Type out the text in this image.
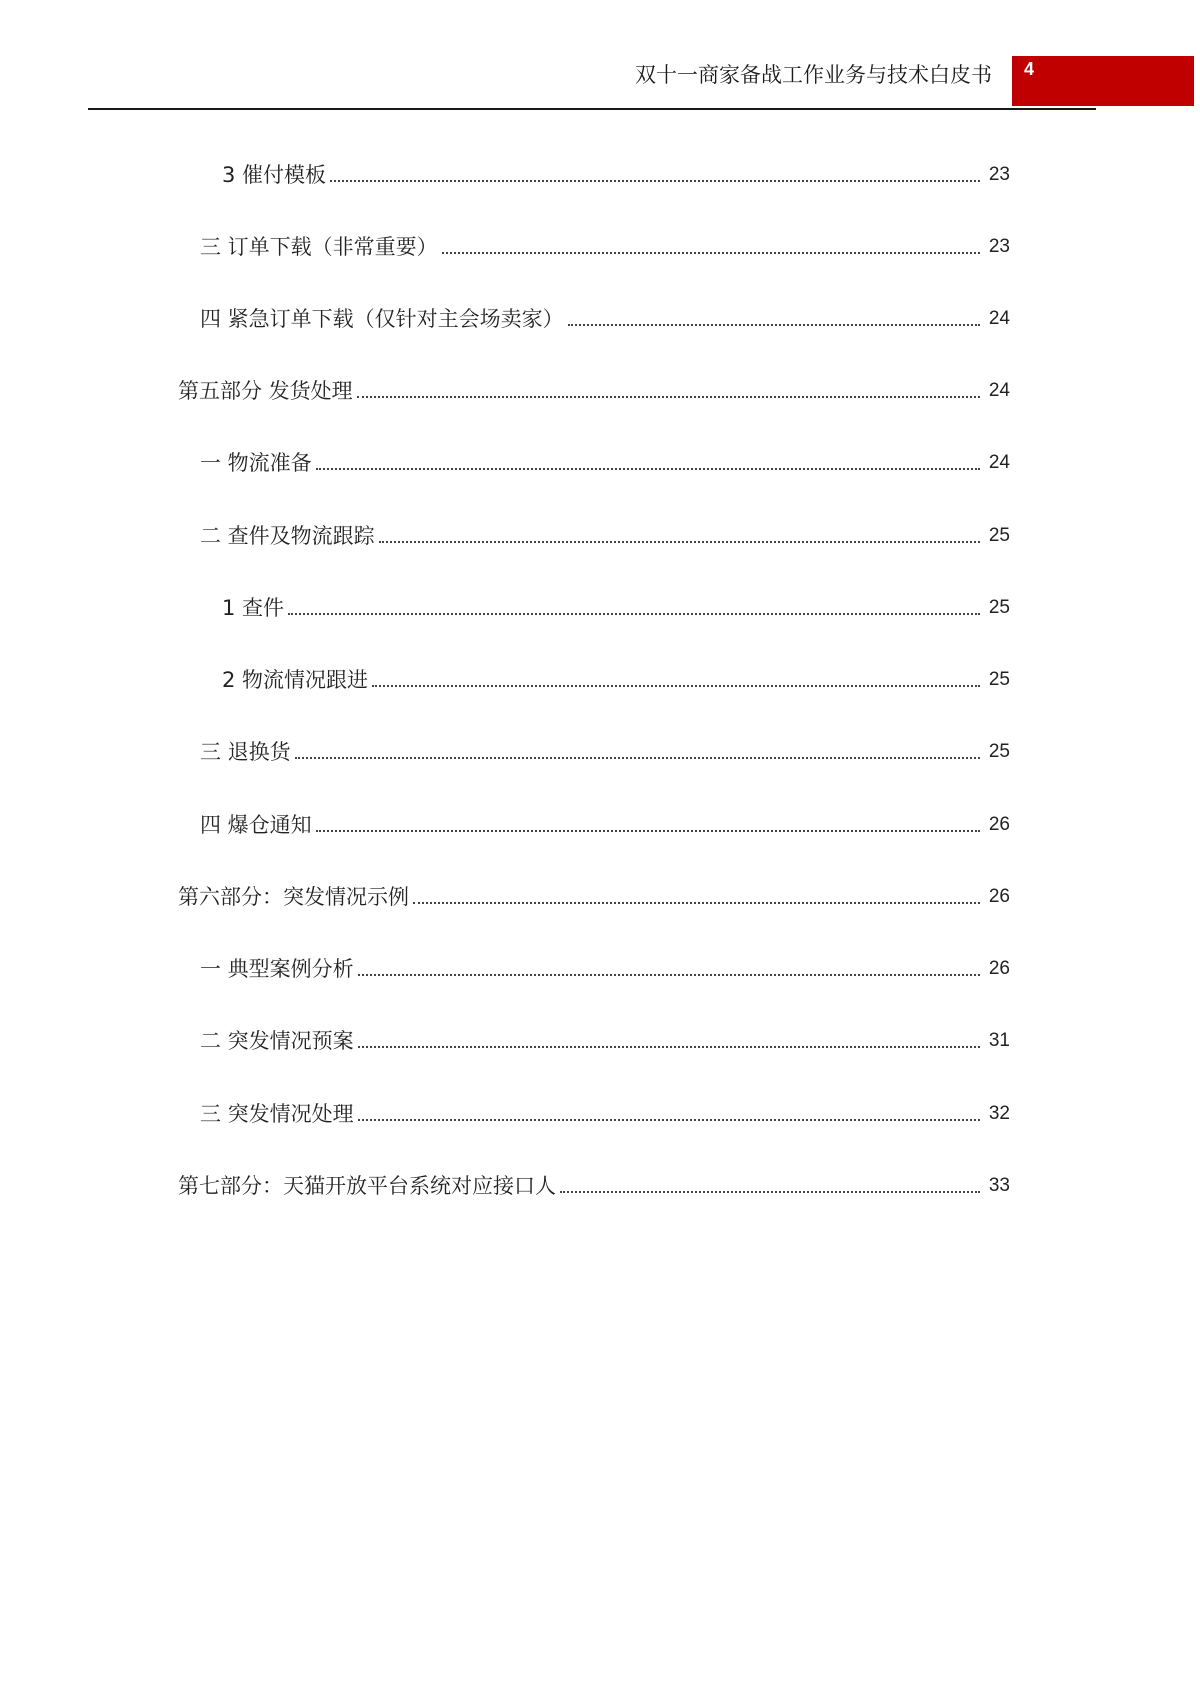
双十一商家备战工作业务与技术白皮书 4
3 催付模板	23
三 订单下载（非常重要）	23
四 紧急订单下载（仅针对主会场卖家）	24
第五部分 发货处理	24
一 物流准备	24
二 查件及物流跟踪	25
1 查件	25
2 物流情况跟进	25
三 退换货	25
四 爆仓通知	26
第六部分：突发情况示例	26
一 典型案例分析	26
二 突发情况预案	31
三 突发情况处理	32
第七部分：天猫开放平台系统对应接口人	33
